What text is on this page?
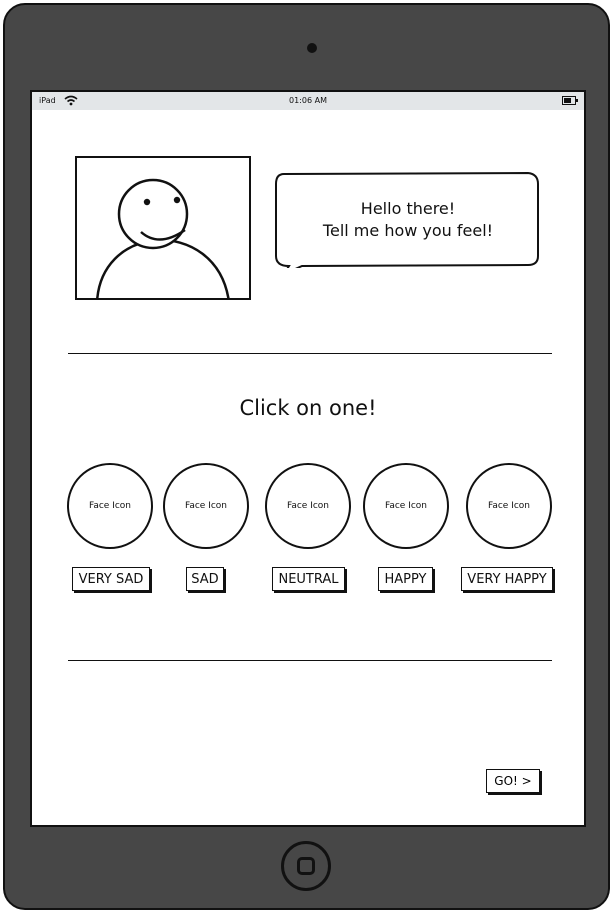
iPad	01:06 AM
Hello there!
Tell me how you feel!
Click on one!
Face Icon	Face Icon	Face Icon	Face Icon	Face Icon
VERY SAD	SAD	NEUTRAL	HAPPY	VERY HAPPY
GO! >
